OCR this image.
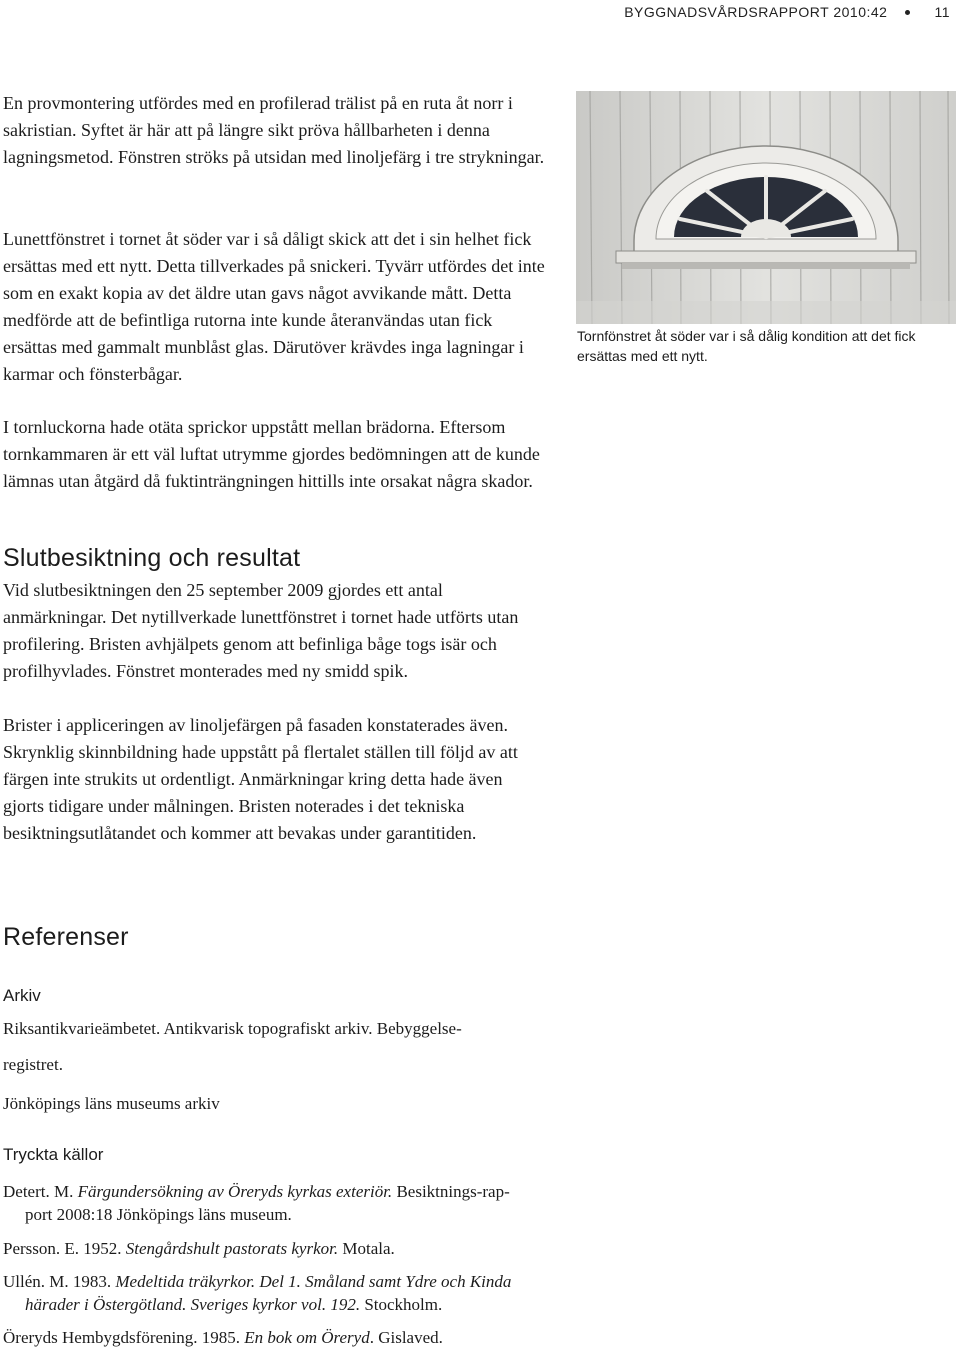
BYGGNADSVÅRDSRAPPORT 2010:42	11

En provmontering utfördes med en profilerad trälist på en ruta åt norr i sakristian. Syftet är här att på längre sikt pröva hållbarheten i denna lagningsmetod. Fönstren ströks på utsidan med linoljefärg i tre strykningar.

Lunettfönstret i tornet åt söder var i så dåligt skick att det i sin helhet fick ersättas med ett nytt. Detta tillverkades på snickeri. Tyvärr utfördes det inte som en exakt kopia av det äldre utan gavs något avvikande mått. Detta medförde att de befintliga rutorna inte kunde återanvändas utan fick ersättas med gammalt munblåst glas. Därutöver krävdes inga lagningar i karmar och fönsterbågar.

Tornfönstret åt söder var i så dålig kondition att det fick ersättas med ett nytt.

I tornluckorna hade otäta sprickor uppstått mellan brädorna. Eftersom tornkammaren är ett väl luftat utrymme gjordes bedömningen att de kunde lämnas utan åtgärd då fuktinträngningen hittills inte orsakat några skador.

Slutbesiktning och resultat

Vid slutbesiktningen den 25 september 2009 gjordes ett antal anmärkningar. Det nytillverkade lunettfönstret i tornet hade utförts utan profilering. Bristen avhjälpets genom att befinliga båge togs isär och profilhyvlades. Fönstret monterades med ny smidd spik.

Brister i appliceringen av linoljefärgen på fasaden konstaterades även. Skrynklig skinnbildning hade uppstått på flertalet ställen till följd av att färgen inte strukits ut ordentligt. Anmärkningar kring detta hade även gjorts tidigare under målningen. Bristen noterades i det tekniska besiktningsutlåtandet och kommer att bevakas under garantitiden.

Referenser
Arkiv

Riksantikvarieämbetet. Antikvarisk topografiskt arkiv. Bebyggelse-

registret.

Jönköpings läns museums arkiv

Tryckta källor
Detert. M. Färgundersökning av Öreryds kyrkas exteriör. Besiktnings-rap-
port 2008:18 Jönköpings läns museum.
Persson. E. 1952. Stengårdshult pastorats kyrkor. Motala.
Ullén. M. 1983. Medeltida träkyrkor. Del 1. Småland samt Ydre och Kinda
härader i Östergötland. Sveriges kyrkor vol. 192. Stockholm.
Öreryds Hembygdsförening. 1985. En bok om Öreryd. Gislaved.
